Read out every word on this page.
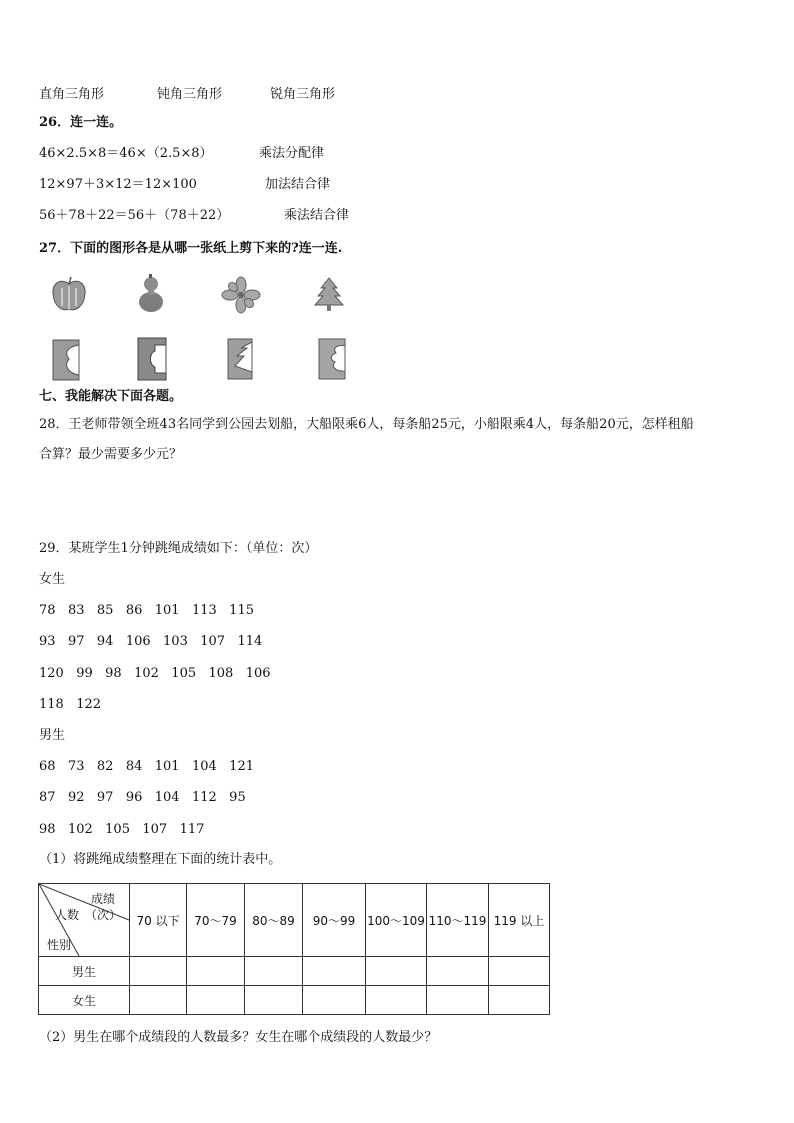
直角三角形	钝角三角形	锐角三角形
26．连一连。
46×2.5×8＝46×（2.5×8）	乘法分配律
12×97＋3×12＝12×100	加法结合律
56＋78＋22＝56＋（78＋22）	乘法结合律
27．下面的图形各是从哪一张纸上剪下来的?连一连.
七、我能解决下面各题。
28．王老师带领全班43名同学到公园去划船，大船限乘6人，每条船25元，小船限乘4人，每条船20元，怎样租船
合算？最少需要多少元？
29．某班学生1分钟跳绳成绩如下：（单位：次）
女生
78   83   85   86   101   113   115
93   97   94   106   103   107   114
120   99   98   102   105   108   106
118   122
男生
68   73   82   84   101   104   121
87   92   97   96   104   112   95
98   102   105   107   117
（1）将跳绳成绩整理在下面的统计表中。
成绩
（次）
人数
性别	70 以下	70～79	80～89	90～99	100～109	110～119	119 以上
男生							
女生							
（2）男生在哪个成绩段的人数最多？女生在哪个成绩段的人数最少？
